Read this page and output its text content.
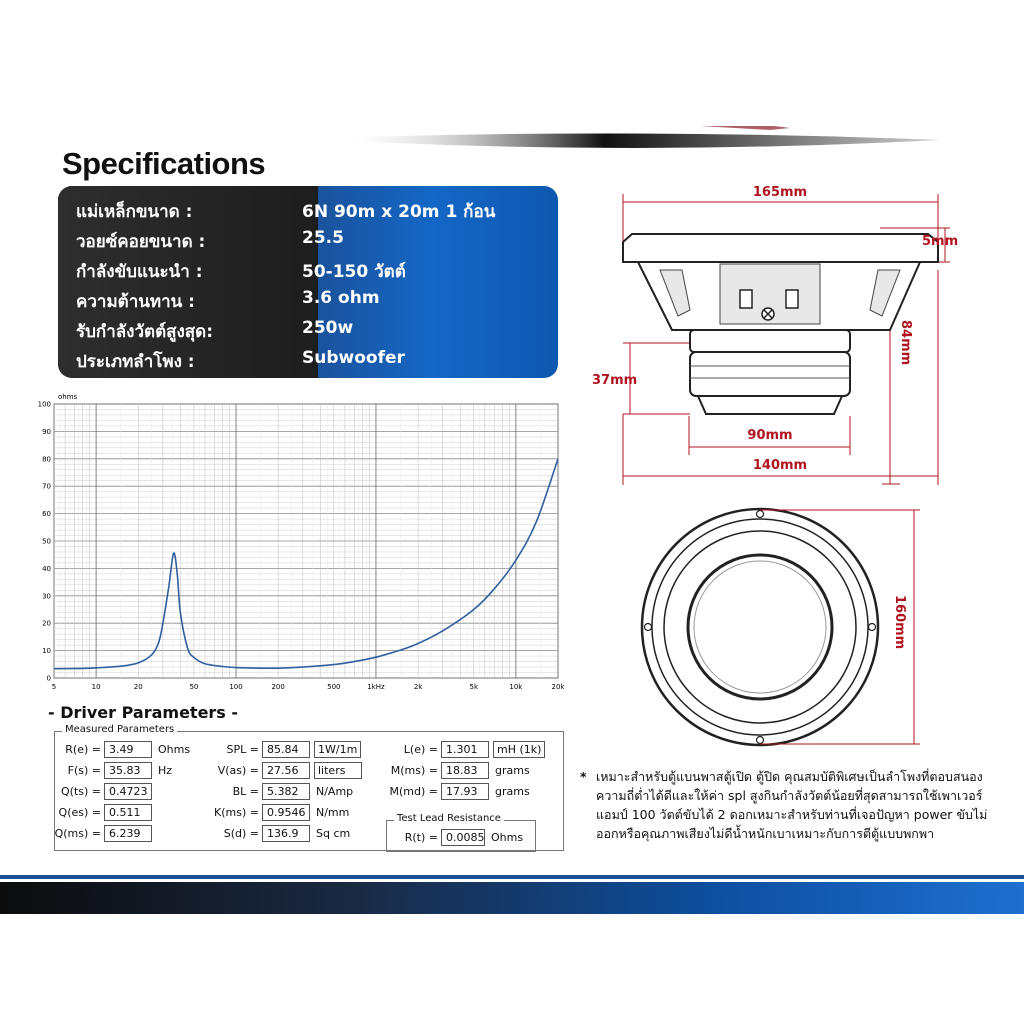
Specifications
แม่เหล็กขนาด :	6N 90m x 20m 1 ก้อน
วอยซ์คอยขนาด :	25.5
กำลังขับแนะนำ :	50-150 วัตต์
ความต้านทาน :	3.6 ohm
รับกำลังวัตต์สูงสุด:	250w
ประเภทลำโพง :	Subwoofer
165mm
5mm
84mm
37mm
90mm
140mm
160mm
100
90
80
70
60
50
40
30
20
10
0
5	10	20	50	100	200	500	1kHz	2k	5k	10k	20k
ohms
- Driver Parameters -
Measured Parameters
R(e) = 3.49	Ohms
F(s) = 35.83	Hz
Q(ts) = 0.4723
Q(es) = 0.511
Q(ms) = 6.239
SPL = 85.84	1W/1m
V(as) = 27.56	liters
BL = 5.382	N/Amp
K(ms) = 0.9546 N/mm
S(d) = 136.9	Sq cm
L(e) = 1.301	mH (1k)
M(ms) = 18.83	grams
M(md) = 17.93	grams
Test Lead Resistance
R(t) = 0.0085 Ohms
* เหมาะสำหรับตู้แบนพาสตู้เปิด ตู้ปิด คุณสมบัติพิเศษเป็นลำโพงที่ตอบสนองความถี่ต่ำได้ดีและให้ค่า spl สูงกินกำลังวัตต์น้อยที่สุดสามารถใช้เพาเวอร์แอมป์ 100 วัตต์ขับได้ 2 ดอกเหมาะสำหรับท่านที่เจอปัญหา power ขับไม่ออกหรือคุณภาพเสียงไม่ดีน้ำหนักเบาเหมาะกับการตีตู้แบบพกพา
